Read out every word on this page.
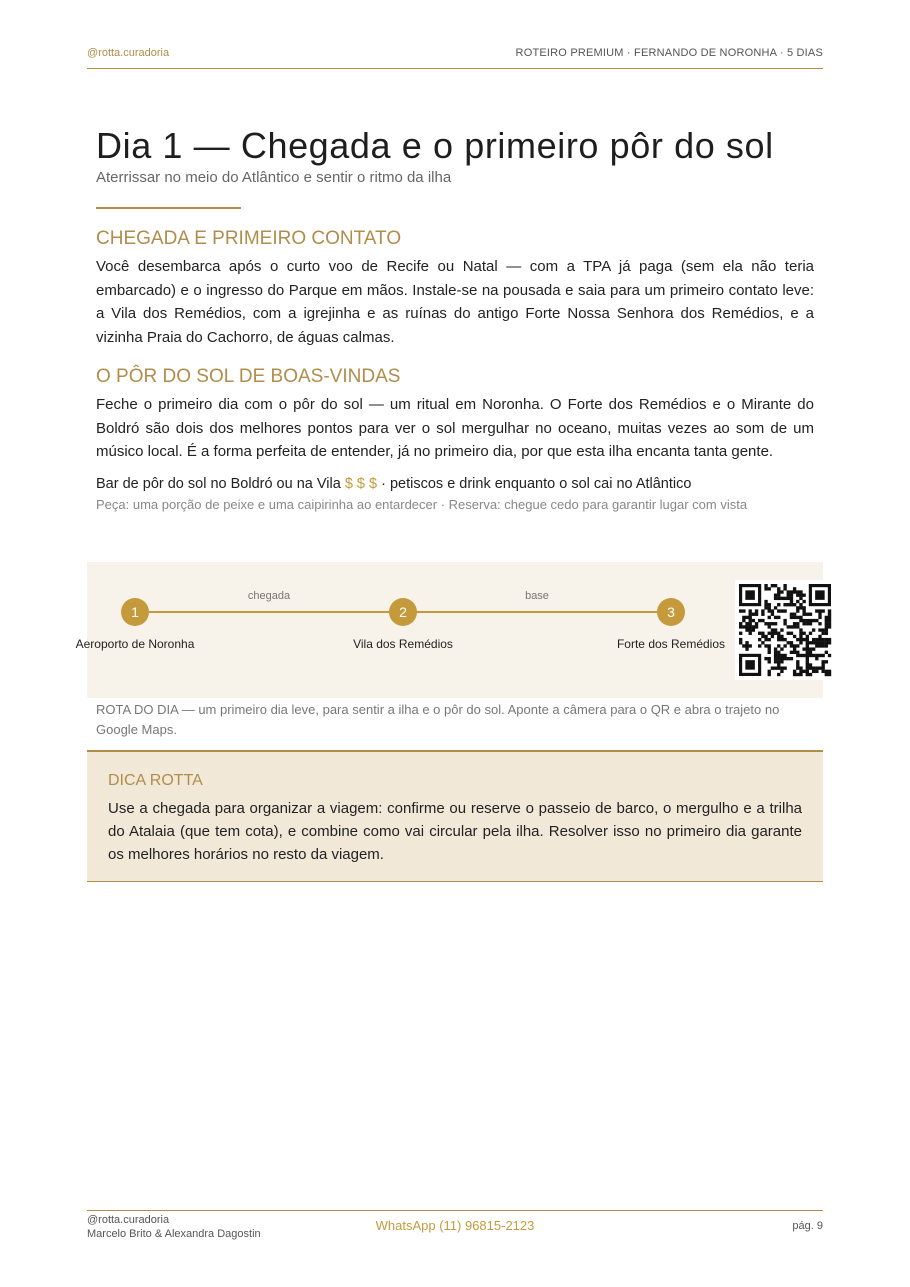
@rotta.curadoria	ROTEIRO PREMIUM · FERNANDO DE NORONHA · 5 DIAS
Dia 1 — Chegada e o primeiro pôr do sol
Aterrissar no meio do Atlântico e sentir o ritmo da ilha
CHEGADA E PRIMEIRO CONTATO

Você desembarca após o curto voo de Recife ou Natal — com a TPA já paga (sem ela não teria embarcado) e o ingresso do Parque em mãos. Instale-se na pousada e saia para um primeiro contato leve: a Vila dos Remédios, com a igrejinha e as ruínas do antigo Forte Nossa Senhora dos Remédios, e a vizinha Praia do Cachorro, de águas calmas.

O PÔR DO SOL DE BOAS-VINDAS

Feche o primeiro dia com o pôr do sol — um ritual em Noronha. O Forte dos Remédios e o Mirante do Boldró são dois dos melhores pontos para ver o sol mergulhar no oceano, muitas vezes ao som de um músico local. É a forma perfeita de entender, já no primeiro dia, por que esta ilha encanta tanta gente.

Bar de pôr do sol no Boldró ou na Vila $ $ $ · petiscos e drink enquanto o sol cai no Atlântico
Peça: uma porção de peixe e uma caipirinha ao entardecer · Reserva: chegue cedo para garantir lugar com vista
chegada	base
1	2	3
Aeroporto de Noronha	Vila dos Remédios	Forte dos Remédios
ROTA DO DIA — um primeiro dia leve, para sentir a ilha e o pôr do sol. Aponte a câmera para o QR e abra o trajeto no Google Maps.
DICA ROTTA
Use a chegada para organizar a viagem: confirme ou reserve o passeio de barco, o mergulho e a trilha do Atalaia (que tem cota), e combine como vai circular pela ilha. Resolver isso no primeiro dia garante os melhores horários no resto da viagem.
@rotta.curadoria
Marcelo Brito & Alexandra Dagostin
WhatsApp (11) 96815-2123	pág. 9
